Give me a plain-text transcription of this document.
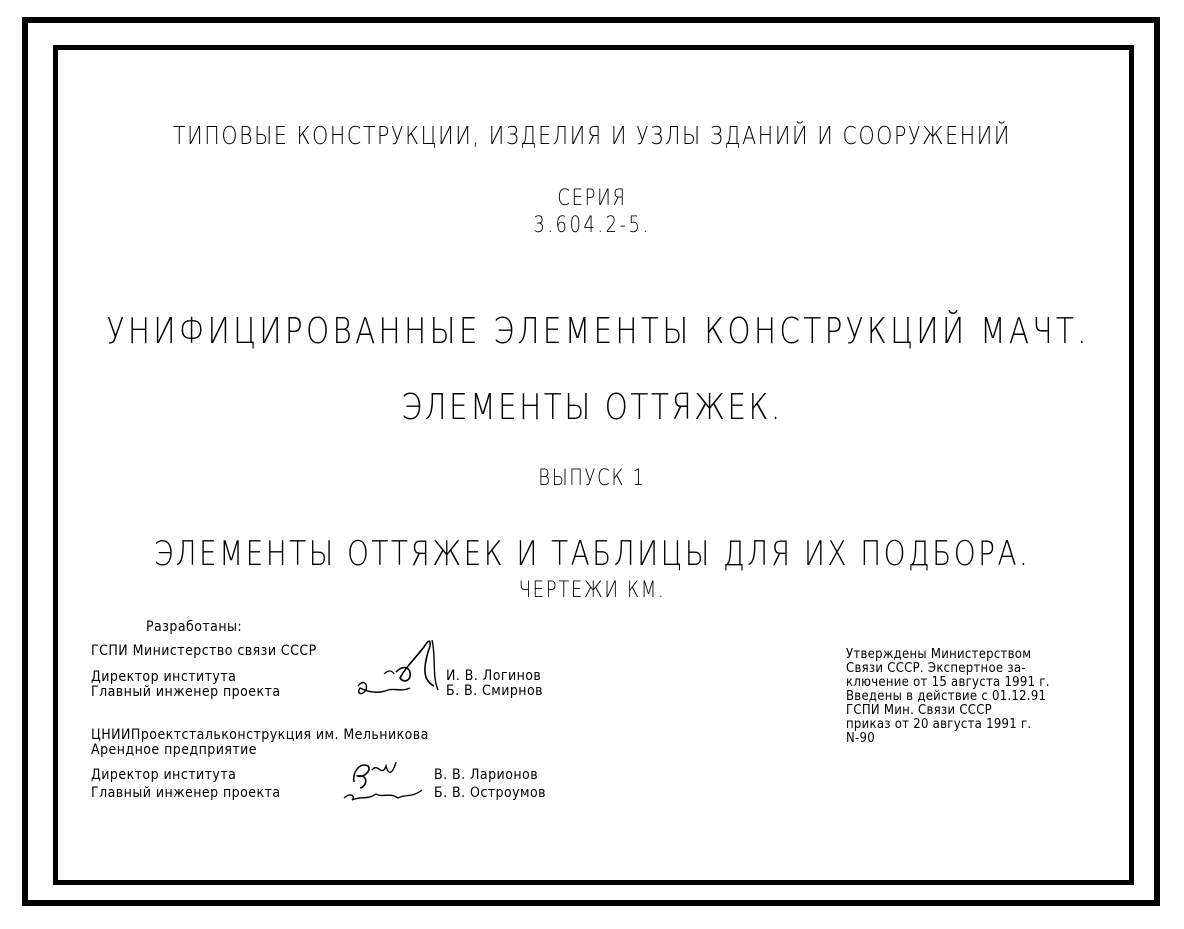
ТИПОВЫЕ КОНСТРУКЦИИ, ИЗДЕЛИЯ И УЗЛЫ ЗДАНИЙ И СООРУЖЕНИЙ
СЕРИЯ
3.604.2-5.
УНИФИЦИРОВАННЫЕ ЭЛЕМЕНТЫ КОНСТРУКЦИЙ МАЧТ.
ЭЛЕМЕНТЫ ОТТЯЖЕК.
ВЫПУСК 1
ЭЛЕМЕНТЫ ОТТЯЖЕК И ТАБЛИЦЫ ДЛЯ ИХ ПОДБОРА.
ЧЕРТЕЖИ КМ.
Разработаны:
ГСПИ Министерство связи СССР
Директор института
Главный инженер проекта
И. В. Логинов
Б. В. Смирнов
ЦНИИПроектстальконструкция им. Мельникова
Арендное предприятие
Директор института
Главный инженер проекта
В. В. Ларионов
Б. В. Остроумов
Утверждены Министерством
Связи СССР. Экспертное за-
ключение от 15 августа 1991 г.
Введены в действие с 01.12.91
ГСПИ Мин. Связи СССР
приказ от 20 августа 1991 г.
N-90
